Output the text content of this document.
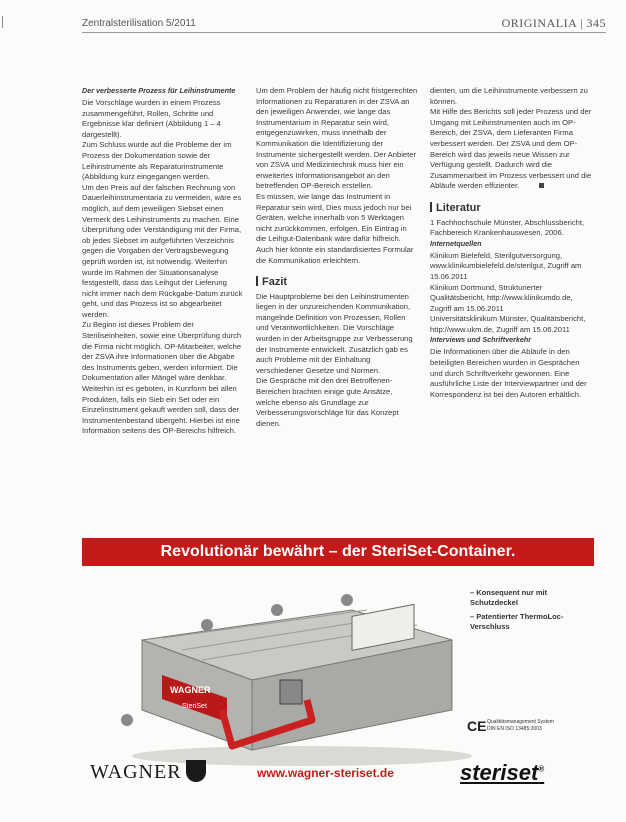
Zentralsterilisation 5/2011	ORIGINALIA | 345

Der verbesserte Prozess für Leihinstrumente

Die Vorschläge wurden in einem Prozess zusammengeführt, Rollen, Schritte und Ergebnisse klar definiert (Abbildung 1 – 4 dargestellt).

Zum Schluss wurde auf die Probleme der im Prozess der Dokumentation sowie der Leihinstrumente als Reparaturinstrumente (Abbildung kurz eingegangen werden.

Um den Preis auf der falschen Rechnung von Dauerleihinstrumentaria zu vermeiden, wäre es möglich, auf dem jeweiligen Siebset einen Vermerk des Leihinstruments zu machen. Eine Überprüfung oder Verständigung mit der Firma, ob jedes Siebset im aufgeführten Verzeichnis gegen die Vorgaben der Vertragsbewegung geprüft worden ist, ist notwendig. Weiterhin wurde im Rahmen der Situationsanalyse festgestellt, dass das Leihgut der Lieferung nicht immer nach dem Rückgabe-Datum zurück geht, und das Prozess ist so abgearbeitet werden.

Zu Beginn ist dieses Problem der Steriliseinheiten, sowie eine Überprüfung durch die Firma nicht möglich. OP-Mitarbeiter, welche der ZSVA ihre Informationen über die Abgabe des Instruments geben, werden informiert. Die Dokumentation aller Mängel wäre denkbar.

Weiterhin ist es geboten, in Kurzform bei allen Produkten, falls ein Sieb ein Set oder ein Einzelinstrument gekauft werden soll, dass der Instrumentenbestand übergeht. Hierbei ist eine Information seitens des OP-Bereichs hilfreich.

Um dem Problem der häufig nicht fristgerechten Informationen zu Reparaturen in der ZSVA an den jeweiligen Anwender, wie lange das Instrumentarium in Reparatur sein wird, entgegenzuwirken, muss innerhalb der Kommunikation die Identifizierung der Instrumente sichergestellt werden. Der Anbieter von ZSVA und Medizintechnik muss hier ein erweitertes Informationsangebot an den betreffenden OP-Bereich erstellen.

Es müssen, wie lange das Instrument in Reparatur sein wird, Dies muss jedoch nur bei Geräten, welche innerhalb von 5 Werktagen nicht zurückkommen, erfolgen. Ein Eintrag in die Leihgut-Datenbank wäre dafür hilfreich. Auch hier könnte ein standardisiertes Formular die Kommunikation erleichtern.

Fazit

Die Hauptprobleme bei den Leihinstrumenten liegen in der unzureichenden Kommunikation, mangelnde Definition von Prozessen, Rollen und Verantwortlichkeiten. Die Vorschläge wurden in der Arbeitsgruppe zur Verbesserung der Instrumente entwickelt. Zusätzlich gab es auch Probleme mit der Einhaltung verschiedener Gesetze und Normen.

Die Gespräche mit den drei Betroffenen-Bereichen brachten einige gute Ansätze, welche ebenso als Grundlage zur Verbesserungsvorschläge für das Konzept dienen.

dienten, um die Leihinstrumente verbessern zu können.

Mit Hilfe des Berichts soll jeder Prozess und der Umgang mit Leihinstrumenten auch im OP-Bereich, der ZSVA, dem Lieferanten Firma verbessert werden. Der ZSVA und dem OP-Bereich wird das jeweils neue Wissen zur Verfügung gestellt. Dadurch wird die Zusammenarbeit im Prozess verbessert und die Abläufe werden effizienter.

Literatur

1 Fachhochschule Münster, Abschlussbericht, Fachbereich Krankenhauswesen, 2006.

Internetquellen

Klinikum Bielefeld, Sterilgutversorgung, www.klinikumbielefeld.de/sterilgut, Zugriff am 15.06.2011

Klinikum Dortmund, Strukturierter Qualitätsbericht, http://www.klinikumdo.de, Zugriff am 15.06.2011

Universitätsklinikum Münster, Qualitätsbericht, http://www.ukm.de, Zugriff am 15.06.2011

Interviews und Schriftverkehr

Die Informationen über die Abläufe in den beteiligten Bereichen wurden in Gesprächen und durch Schriftverkehr gewonnen. Eine ausführliche Liste der Interviewpartner und der Korrespondenz ist bei den Autoren erhältlich.

Revolutionär bewährt – der SteriSet-Container.
WAGNER
SteriSet
– Konsequent nur mit Schutzdeckel
– Patentierter ThermoLoc-Verschluss
CE Qualitätsmanagement System
DIN EN ISO 13485:2003
WAGNER	www.wagner-steriset.de	steriset®
